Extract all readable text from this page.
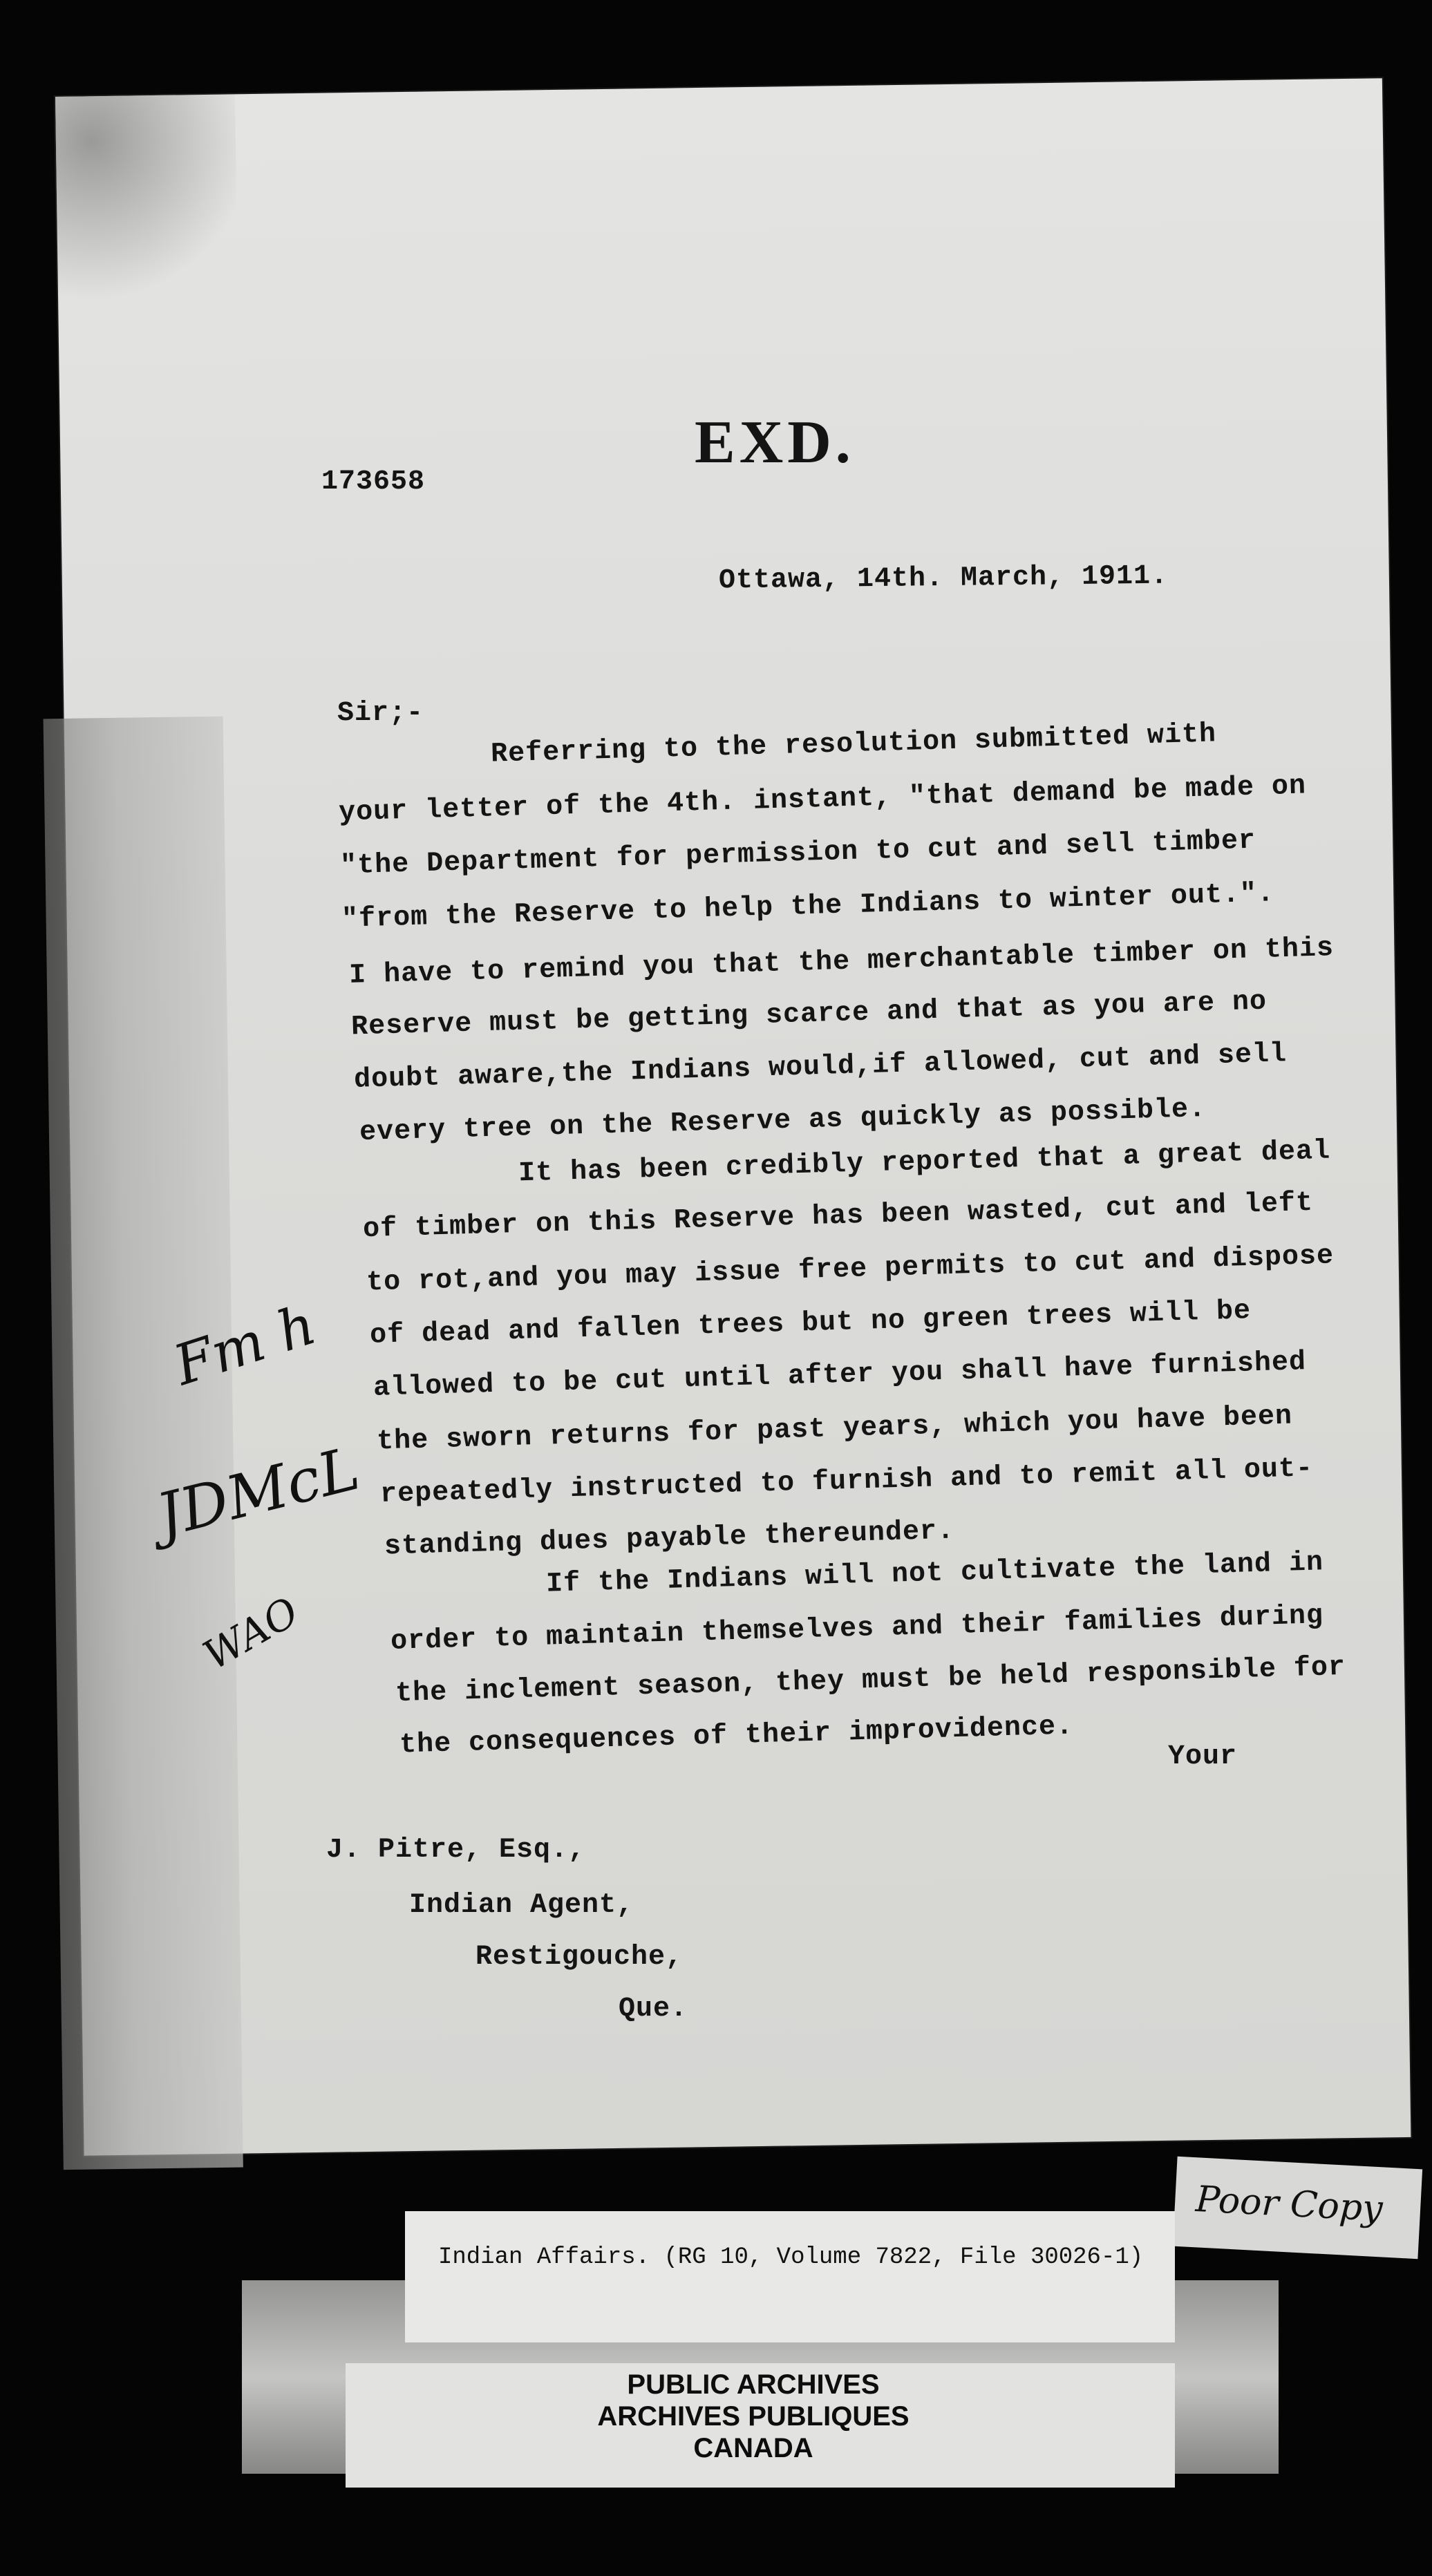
EXD.
173658
Ottawa, 14th. March, 1911.
Sir;-
Referring to the resolution submitted with
your letter of the 4th. instant, "that demand be made on
"the Department for permission to cut and sell timber
"from the Reserve to help the Indians to winter out.".
I have to remind you that the merchantable timber on this
Reserve must be getting scarce and that as you are no
doubt aware,the Indians would,if allowed, cut and sell
every tree on the Reserve as quickly as possible.
It has been credibly reported that a great deal
of timber on this Reserve has been wasted, cut and left
to rot,and you may issue free permits to cut and dispose
of dead and fallen trees but no green trees will be
allowed to be cut until after you shall have furnished
the sworn returns for past years, which you have been
repeatedly instructed to furnish and to remit all out-
standing dues payable thereunder.
If the Indians will not cultivate the land in
order to maintain themselves and their families during
the inclement season, they must be held responsible for
the consequences of their improvidence.	Your
J. Pitre, Esq.,
Indian Agent,
Restigouche,
Que.
Fm h
JDMcL
WAO
Poor Copy
Indian Affairs. (RG 10, Volume 7822, File 30026-1)
PUBLIC ARCHIVES
ARCHIVES PUBLIQUES
CANADA
